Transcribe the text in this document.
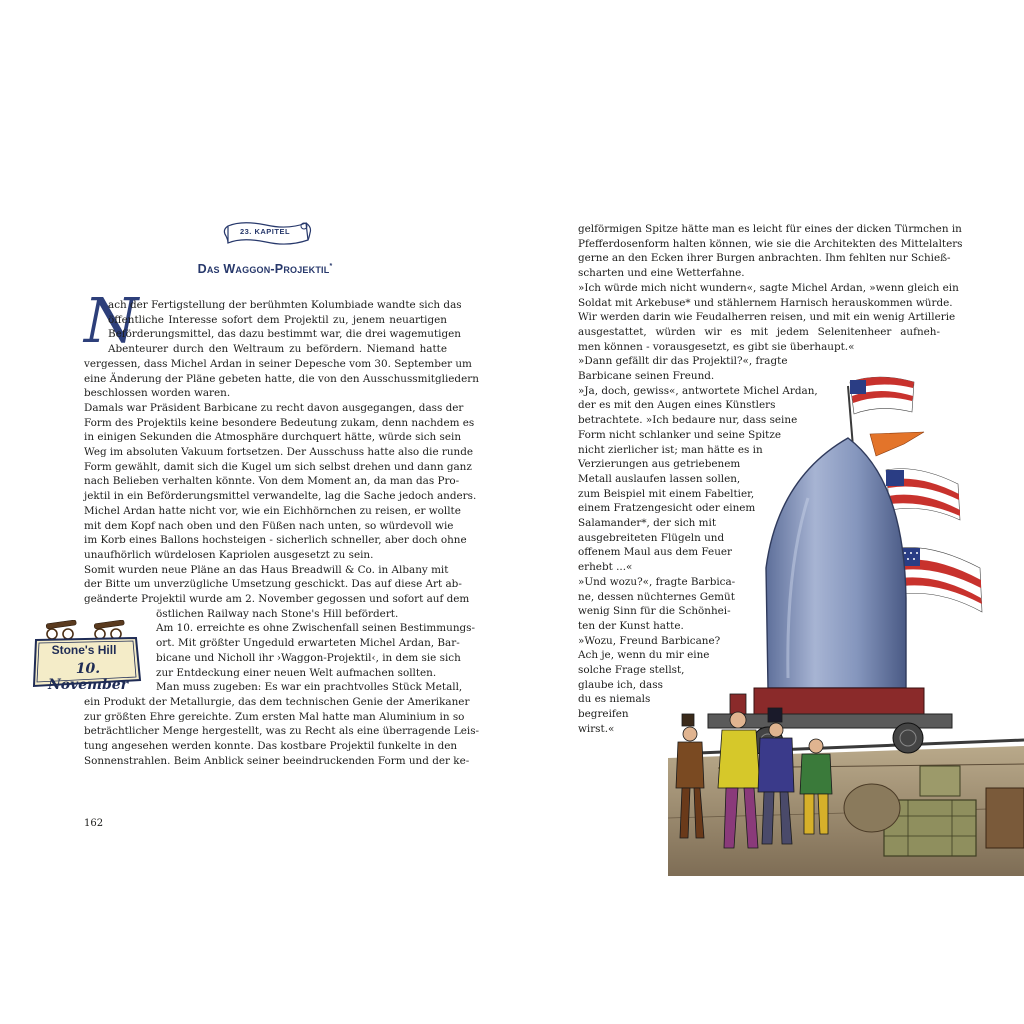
23. KAPITEL
Das Waggon-Projektil*
N
ach der Fertigstellung der berühmten Kolumbiade wandte sich das
öffentliche Interesse sofort dem Projektil zu, jenem neuartigen
Beförderungsmittel, das dazu bestimmt war, die drei wagemutigen
Abenteurer durch den Weltraum zu befördern. Niemand hatte
vergessen, dass Michel Ardan in seiner Depesche vom 30. September um
eine Änderung der Pläne gebeten hatte, die von den Ausschussmitgliedern
beschlossen worden waren.
Damals war Präsident Barbicane zu recht davon ausgegangen, dass der
Form des Projektils keine besondere Bedeutung zukam, denn nachdem es
in einigen Sekunden die Atmosphäre durchquert hätte, würde sich sein
Weg im absoluten Vakuum fortsetzen. Der Ausschuss hatte also die runde
Form gewählt, damit sich die Kugel um sich selbst drehen und dann ganz
nach Belieben verhalten könnte. Von dem Moment an, da man das Pro-
jektil in ein Beförderungsmittel verwandelte, lag die Sache jedoch anders.
Michel Ardan hatte nicht vor, wie ein Eichhörnchen zu reisen, er wollte
mit dem Kopf nach oben und den Füßen nach unten, so würdevoll wie
im Korb eines Ballons hochsteigen - sicherlich schneller, aber doch ohne
unaufhörlich würdelosen Kapriolen ausgesetzt zu sein.
Somit wurden neue Pläne an das Haus Breadwill & Co. in Albany mit
der Bitte um unverzügliche Umsetzung geschickt. Das auf diese Art ab-
geänderte Projektil wurde am 2. November gegossen und sofort auf dem
östlichen Railway nach Stone's Hill befördert.
Am 10. erreichte es ohne Zwischenfall seinen Bestimmungs-
ort. Mit größter Ungeduld erwarteten Michel Ardan, Bar-
bicane und Nicholl ihr ›Waggon-Projektil‹, in dem sie sich
zur Entdeckung einer neuen Welt aufmachen sollten.
Man muss zugeben: Es war ein prachtvolles Stück Metall,
ein Produkt der Metallurgie, das dem technischen Genie der Amerikaner
zur größten Ehre gereichte. Zum ersten Mal hatte man Aluminium in so
beträchtlicher Menge hergestellt, was zu Recht als eine überragende Leis-
tung angesehen werden konnte. Das kostbare Projektil funkelte in den
Sonnenstrahlen. Beim Anblick seiner beeindruckenden Form und der ke-
Stone's Hill
10. November
162
gelförmigen Spitze hätte man es leicht für eines der dicken Türmchen in
Pfefferdosenform halten können, wie sie die Architekten des Mittelalters
gerne an den Ecken ihrer Burgen anbrachten. Ihm fehlten nur Schieß-
scharten und eine Wetterfahne.
»Ich würde mich nicht wundern«, sagte Michel Ardan, »wenn gleich ein
Soldat mit Arkebuse* und stählernem Harnisch herauskommen würde.
Wir werden darin wie Feudalherren reisen, und mit ein wenig Artillerie
ausgestattet, würden wir es mit jedem Selenitenheer aufneh-
men können - vorausgesetzt, es gibt sie überhaupt.«
»Dann gefällt dir das Projektil?«, fragte
Barbicane seinen Freund.
»Ja, doch, gewiss«, antwortete Michel Ardan,
der es mit den Augen eines Künstlers
betrachtete. »Ich bedaure nur, dass seine
Form nicht schlanker und seine Spitze
nicht zierlicher ist; man hätte es in
Verzierungen aus getriebenem
Metall auslaufen lassen sollen,
zum Beispiel mit einem Fabeltier,
einem Fratzengesicht oder einem
Salamander*, der sich mit
ausgebreiteten Flügeln und
offenem Maul aus dem Feuer
erhebt ...«
»Und wozu?«, fragte Barbica-
ne, dessen nüchternes Gemüt
wenig Sinn für die Schönhei-
ten der Kunst hatte.
»Wozu, Freund Barbicane?
Ach je, wenn du mir eine
solche Frage stellst,
glaube ich, dass
du es niemals
begreifen
wirst.«
